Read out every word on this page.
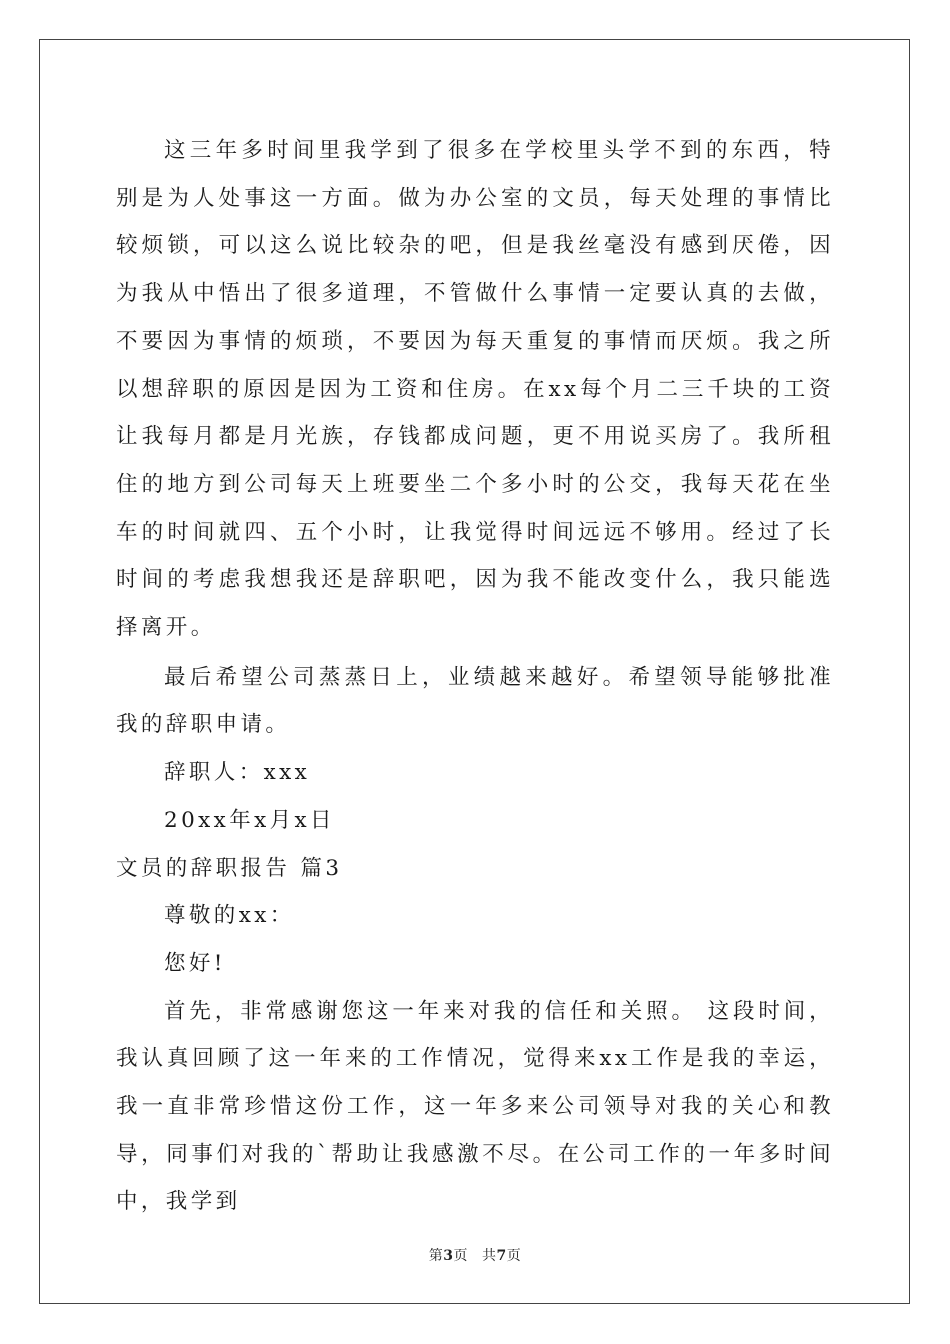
这三年多时间里我学到了很多在学校里头学不到的东西，特别是为人处事这一方面。做为办公室的文员，每天处理的事情比较烦锁，可以这么说比较杂的吧，但是我丝毫没有感到厌倦，因为我从中悟出了很多道理，不管做什么事情一定要认真的去做，不要因为事情的烦琐，不要因为每天重复的事情而厌烦。我之所以想辞职的原因是因为工资和住房。在xx每个月二三千块的工资让我每月都是月光族，存钱都成问题，更不用说买房了。我所租住的地方到公司每天上班要坐二个多小时的公交，我每天花在坐车的时间就四、五个小时，让我觉得时间远远不够用。经过了长时间的考虑我想我还是辞职吧，因为我不能改变什么，我只能选择离开。

最后希望公司蒸蒸日上，业绩越来越好。希望领导能够批准我的辞职申请。

辞职人：xxx

20xx年x月x日

文员的辞职报告 篇3

尊敬的xx：

您好!

首先，非常感谢您这一年来对我的信任和关照。 这段时间，我认真回顾了这一年来的工作情况，觉得来xx工作是我的幸运，我一直非常珍惜这份工作，这一年多来公司领导对我的关心和教导，同事们对我的`帮助让我感激不尽。在公司工作的一年多时间中，我学到

第3页 共7页
